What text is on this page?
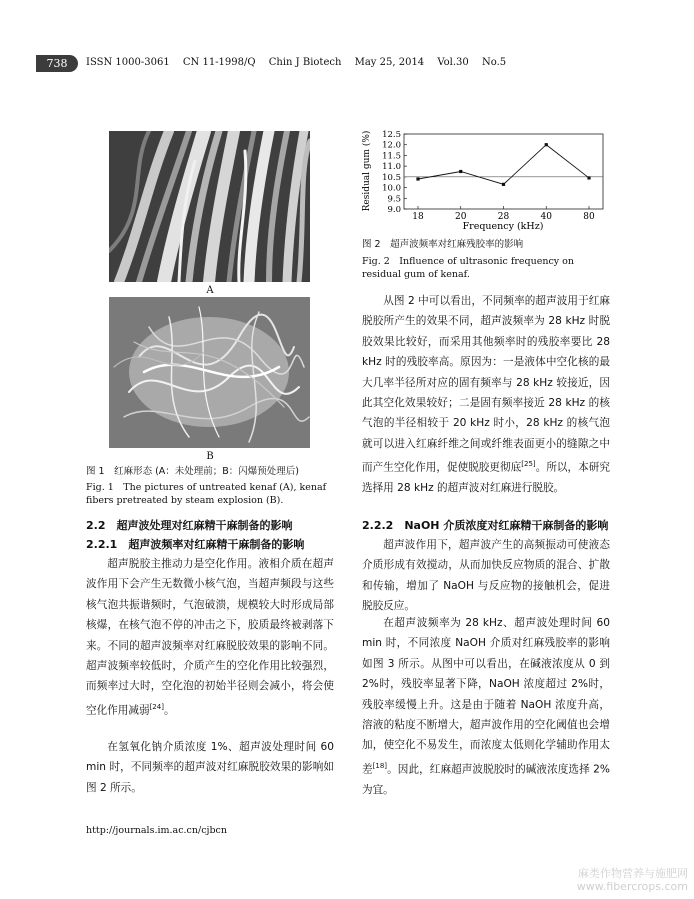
738	ISSN 1000-3061 CN 11-1998/Q Chin J Biotech May 25, 2014 Vol.30 No.5
A
B
图 1　红麻形态 (A：未处理前；B：闪爆预处理后)
Fig. 1　The pictures of untreated kenaf (A), kenaf fibers pretreated by steam explosion (B).
2.2　超声波处理对红麻精干麻制备的影响
2.2.1　超声波频率对红麻精干麻制备的影响
超声脱胶主推动力是空化作用。液相介质在超声波作用下会产生无数微小核气泡，当超声频段与这些核气泡共振谐频时，气泡破溃，规模较大时形成局部核爆，在核气泡不停的冲击之下，胶质最终被剥落下来。不同的超声波频率对红麻脱胶效果的影响不同。超声波频率较低时，介质产生的空化作用比较强烈，而频率过大时，空化泡的初始半径则会减小，将会使空化作用减弱[24]。
在氢氧化钠介质浓度 1%、超声波处理时间 60 min 时，不同频率的超声波对红麻脱胶效果的影响如图 2 所示。
9.0
9.5
10.0
10.5
11.0
11.5
12.0
12.5
18	20	28	40	80
Frequency (kHz)
Residual gum (%)
图 2　超声波频率对红麻残胶率的影响
Fig. 2　Influence of ultrasonic frequency on residual gum of kenaf.
从图 2 中可以看出，不同频率的超声波用于红麻脱胶所产生的效果不同，超声波频率为 28 kHz 时脱胶效果比较好，而采用其他频率时的残胶率要比 28 kHz 时的残胶率高。原因为：一是液体中空化核的最大几率半径所对应的固有频率与 28 kHz 较接近，因此其空化效果较好；二是固有频率接近 28 kHz 的核气泡的半径相较于 20 kHz 时小，28 kHz 的核气泡就可以进入红麻纤维之间或纤维表面更小的缝隙之中而产生空化作用，促使脱胶更彻底[25]。所以，本研究选择用 28 kHz 的超声波对红麻进行脱胶。
2.2.2　NaOH 介质浓度对红麻精干麻制备的影响
超声波作用下，超声波产生的高频振动可使液态介质形成有效搅动，从而加快反应物质的混合、扩散和传输，增加了 NaOH 与反应物的接触机会，促进脱胶反应。
在超声波频率为 28 kHz、超声波处理时间 60 min 时，不同浓度 NaOH 介质对红麻残胶率的影响如图 3 所示。从图中可以看出，在碱液浓度从 0 到 2%时，残胶率显著下降，NaOH 浓度超过 2%时，残胶率缓慢上升。这是由于随着 NaOH 浓度升高，溶液的粘度不断增大，超声波作用的空化阈值也会增加，使空化不易发生，而浓度太低则化学辅助作用太差[18]。因此，红麻超声波脱胶时的碱液浓度选择 2%为宜。
http://journals.im.ac.cn/cjbcn
麻类作物营养与施肥网
www.fibercrops.com
